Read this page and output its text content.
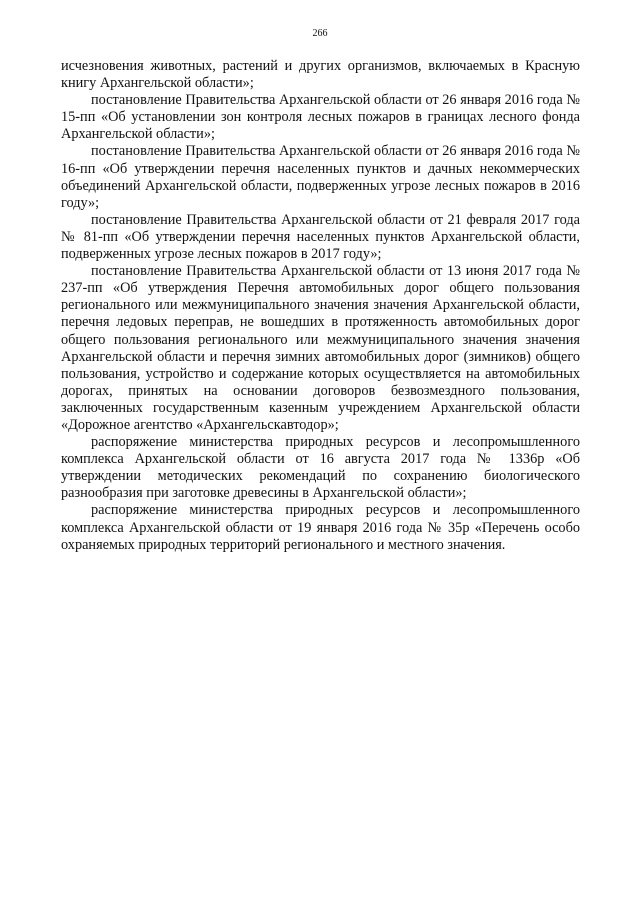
266

исчезновения животных, растений и других организмов, включаемых в Красную книгу Архангельской области»;

постановление Правительства Архангельской области от 26 января 2016 года № 15-пп «Об установлении зон контроля лесных пожаров в границах лесного фонда Архангельской области»;

постановление Правительства Архангельской области от 26 января 2016 года № 16-пп «Об утверждении перечня населенных пунктов и дачных некоммерческих объединений Архангельской области, подверженных угрозе лесных пожаров в 2016 году»;

постановление Правительства Архангельской области от 21 февраля 2017 года № 81-пп «Об утверждении перечня населенных пунктов Архангельской области, подверженных угрозе лесных пожаров в 2017 году»;

постановление Правительства Архангельской области от 13 июня 2017 года № 237-пп «Об утверждения Перечня автомобильных дорог общего пользования регионального или межмуниципального значения значения Архангельской области, перечня ледовых переправ, не вошедших в протяженность автомобильных дорог общего пользования регионального или межмуниципального значения значения Архангельской области и перечня зимних автомобильных дорог (зимников) общего пользования, устройство и содержание которых осуществляется на автомобильных дорогах, принятых на основании договоров безвозмездного пользования, заключенных государственным казенным учреждением Архангельской области «Дорожное агентство «Архангельскавтодор»;

распоряжение министерства природных ресурсов и лесопромышленного комплекса Архангельской области от 16 августа 2017 года № 1336р «Об утверждении методических рекомендаций по сохранению биологического разнообразия при заготовке древесины в Архангельской области»;

распоряжение министерства природных ресурсов и лесопромышленного комплекса Архангельской области от 19 января 2016 года № 35р «Перечень особо охраняемых природных территорий регионального и местного значения.
